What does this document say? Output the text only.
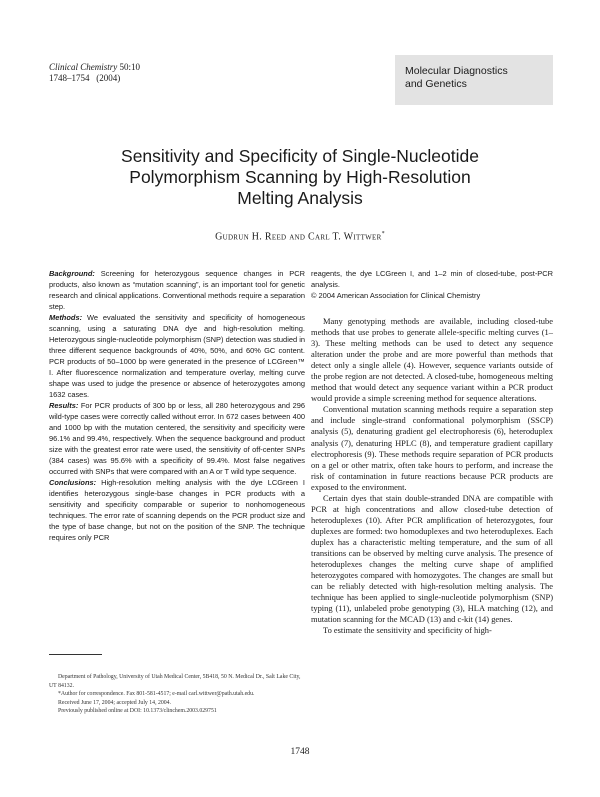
Clinical Chemistry 50:10
1748–1754   (2004)
Molecular Diagnostics
and Genetics
Sensitivity and Specificity of Single-Nucleotide
Polymorphism Scanning by High-Resolution
Melting Analysis
Gudrun H. Reed and Carl T. Wittwer*

Background: Screening for heterozygous sequence changes in PCR products, also known as “mutation scanning”, is an important tool for genetic research and clinical applications. Conventional methods require a separation step.

Methods: We evaluated the sensitivity and specificity of homogeneous scanning, using a saturating DNA dye and high-resolution melting. Heterozygous single-nucleotide polymorphism (SNP) detection was studied in three different sequence backgrounds of 40%, 50%, and 60% GC content. PCR products of 50–1000 bp were generated in the presence of LCGreen™ I. After fluorescence normalization and temperature overlay, melting curve shape was used to judge the presence or absence of heterozygotes among 1632 cases.

Results: For PCR products of 300 bp or less, all 280 heterozygous and 296 wild-type cases were correctly called without error. In 672 cases between 400 and 1000 bp with the mutation centered, the sensitivity and specificity were 96.1% and 99.4%, respectively. When the sequence background and product size with the greatest error rate were used, the sensitivity of off-center SNPs (384 cases) was 95.6% with a specificity of 99.4%. Most false negatives occurred with SNPs that were compared with an A or T wild type sequence.

Conclusions: High-resolution melting analysis with the dye LCGreen I identifies heterozygous single-base changes in PCR products with a sensitivity and specificity comparable or superior to nonhomogeneous techniques. The error rate of scanning depends on the PCR product size and the type of base change, but not on the position of the SNP. The technique requires only PCR

reagents, the dye LCGreen I, and 1–2 min of closed-tube, post-PCR analysis.

© 2004 American Association for Clinical Chemistry

Many genotyping methods are available, including closed-tube methods that use probes to generate allele-specific melting curves (1–3). These melting methods can be used to detect any sequence alteration under the probe and are more powerful than methods that detect only a single allele (4). However, sequence variants outside of the probe region are not detected. A closed-tube, homogeneous melting method that would detect any sequence variant within a PCR product would provide a simple screening method for sequence alterations.

Conventional mutation scanning methods require a separation step and include single-strand conformational polymorphism (SSCP) analysis (5), denaturing gradient gel electrophoresis (6), heteroduplex analysis (7), denaturing HPLC (8), and temperature gradient capillary electrophoresis (9). These methods require separation of PCR products on a gel or other matrix, often take hours to perform, and increase the risk of contamination in future reactions because PCR products are exposed to the environment.

Certain dyes that stain double-stranded DNA are compatible with PCR at high concentrations and allow closed-tube detection of heteroduplexes (10). After PCR amplification of heterozygotes, four duplexes are formed: two homoduplexes and two heteroduplexes. Each duplex has a characteristic melting temperature, and the sum of all transitions can be observed by melting curve analysis. The presence of heteroduplexes changes the melting curve shape of amplified heterozygotes compared with homozygotes. The changes are small but can be reliably detected with high-resolution melting analysis. The technique has been applied to single-nucleotide polymorphism (SNP) typing (11), unlabeled probe genotyping (3), HLA matching (12), and mutation scanning for the MCAD (13) and c-kit (14) genes.

To estimate the sensitivity and specificity of high-

Department of Pathology, University of Utah Medical Center, 5B418, 50 N. Medical Dr., Salt Lake City, UT 84132.

*Author for correspondence. Fax 801-581-4517; e-mail carl.wittwer@path.utah.edu.

Received June 17, 2004; accepted July 14, 2004.

Previously published online at DOI: 10.1373/clinchem.2003.029751

1748
